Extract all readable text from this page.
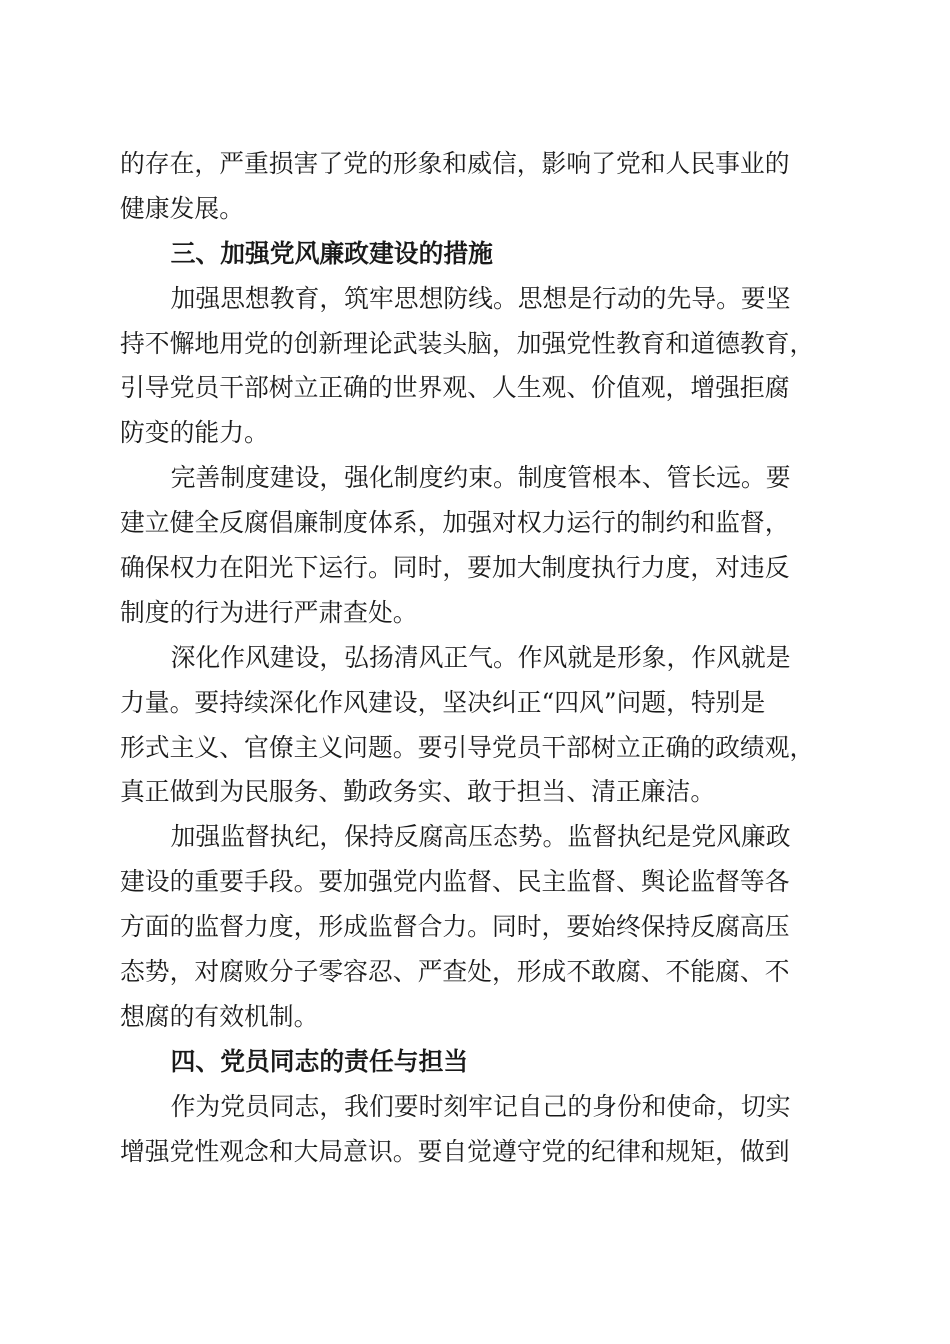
的存在，严重损害了党的形象和威信，影响了党和人民事业的
健康发展。
三、加强党风廉政建设的措施
加强思想教育，筑牢思想防线。思想是行动的先导。要坚
持不懈地用党的创新理论武装头脑，加强党性教育和道德教育，
引导党员干部树立正确的世界观、人生观、价值观，增强拒腐
防变的能力。
完善制度建设，强化制度约束。制度管根本、管长远。要
建立健全反腐倡廉制度体系，加强对权力运行的制约和监督，
确保权力在阳光下运行。同时，要加大制度执行力度，对违反
制度的行为进行严肃查处。
深化作风建设，弘扬清风正气。作风就是形象，作风就是
力量。要持续深化作风建设，坚决纠正“四风”问题，特别是
形式主义、官僚主义问题。要引导党员干部树立正确的政绩观，
真正做到为民服务、勤政务实、敢于担当、清正廉洁。
加强监督执纪，保持反腐高压态势。监督执纪是党风廉政
建设的重要手段。要加强党内监督、民主监督、舆论监督等各
方面的监督力度，形成监督合力。同时，要始终保持反腐高压
态势，对腐败分子零容忍、严查处，形成不敢腐、不能腐、不
想腐的有效机制。
四、党员同志的责任与担当
作为党员同志，我们要时刻牢记自己的身份和使命，切实
增强党性观念和大局意识。要自觉遵守党的纪律和规矩，做到
